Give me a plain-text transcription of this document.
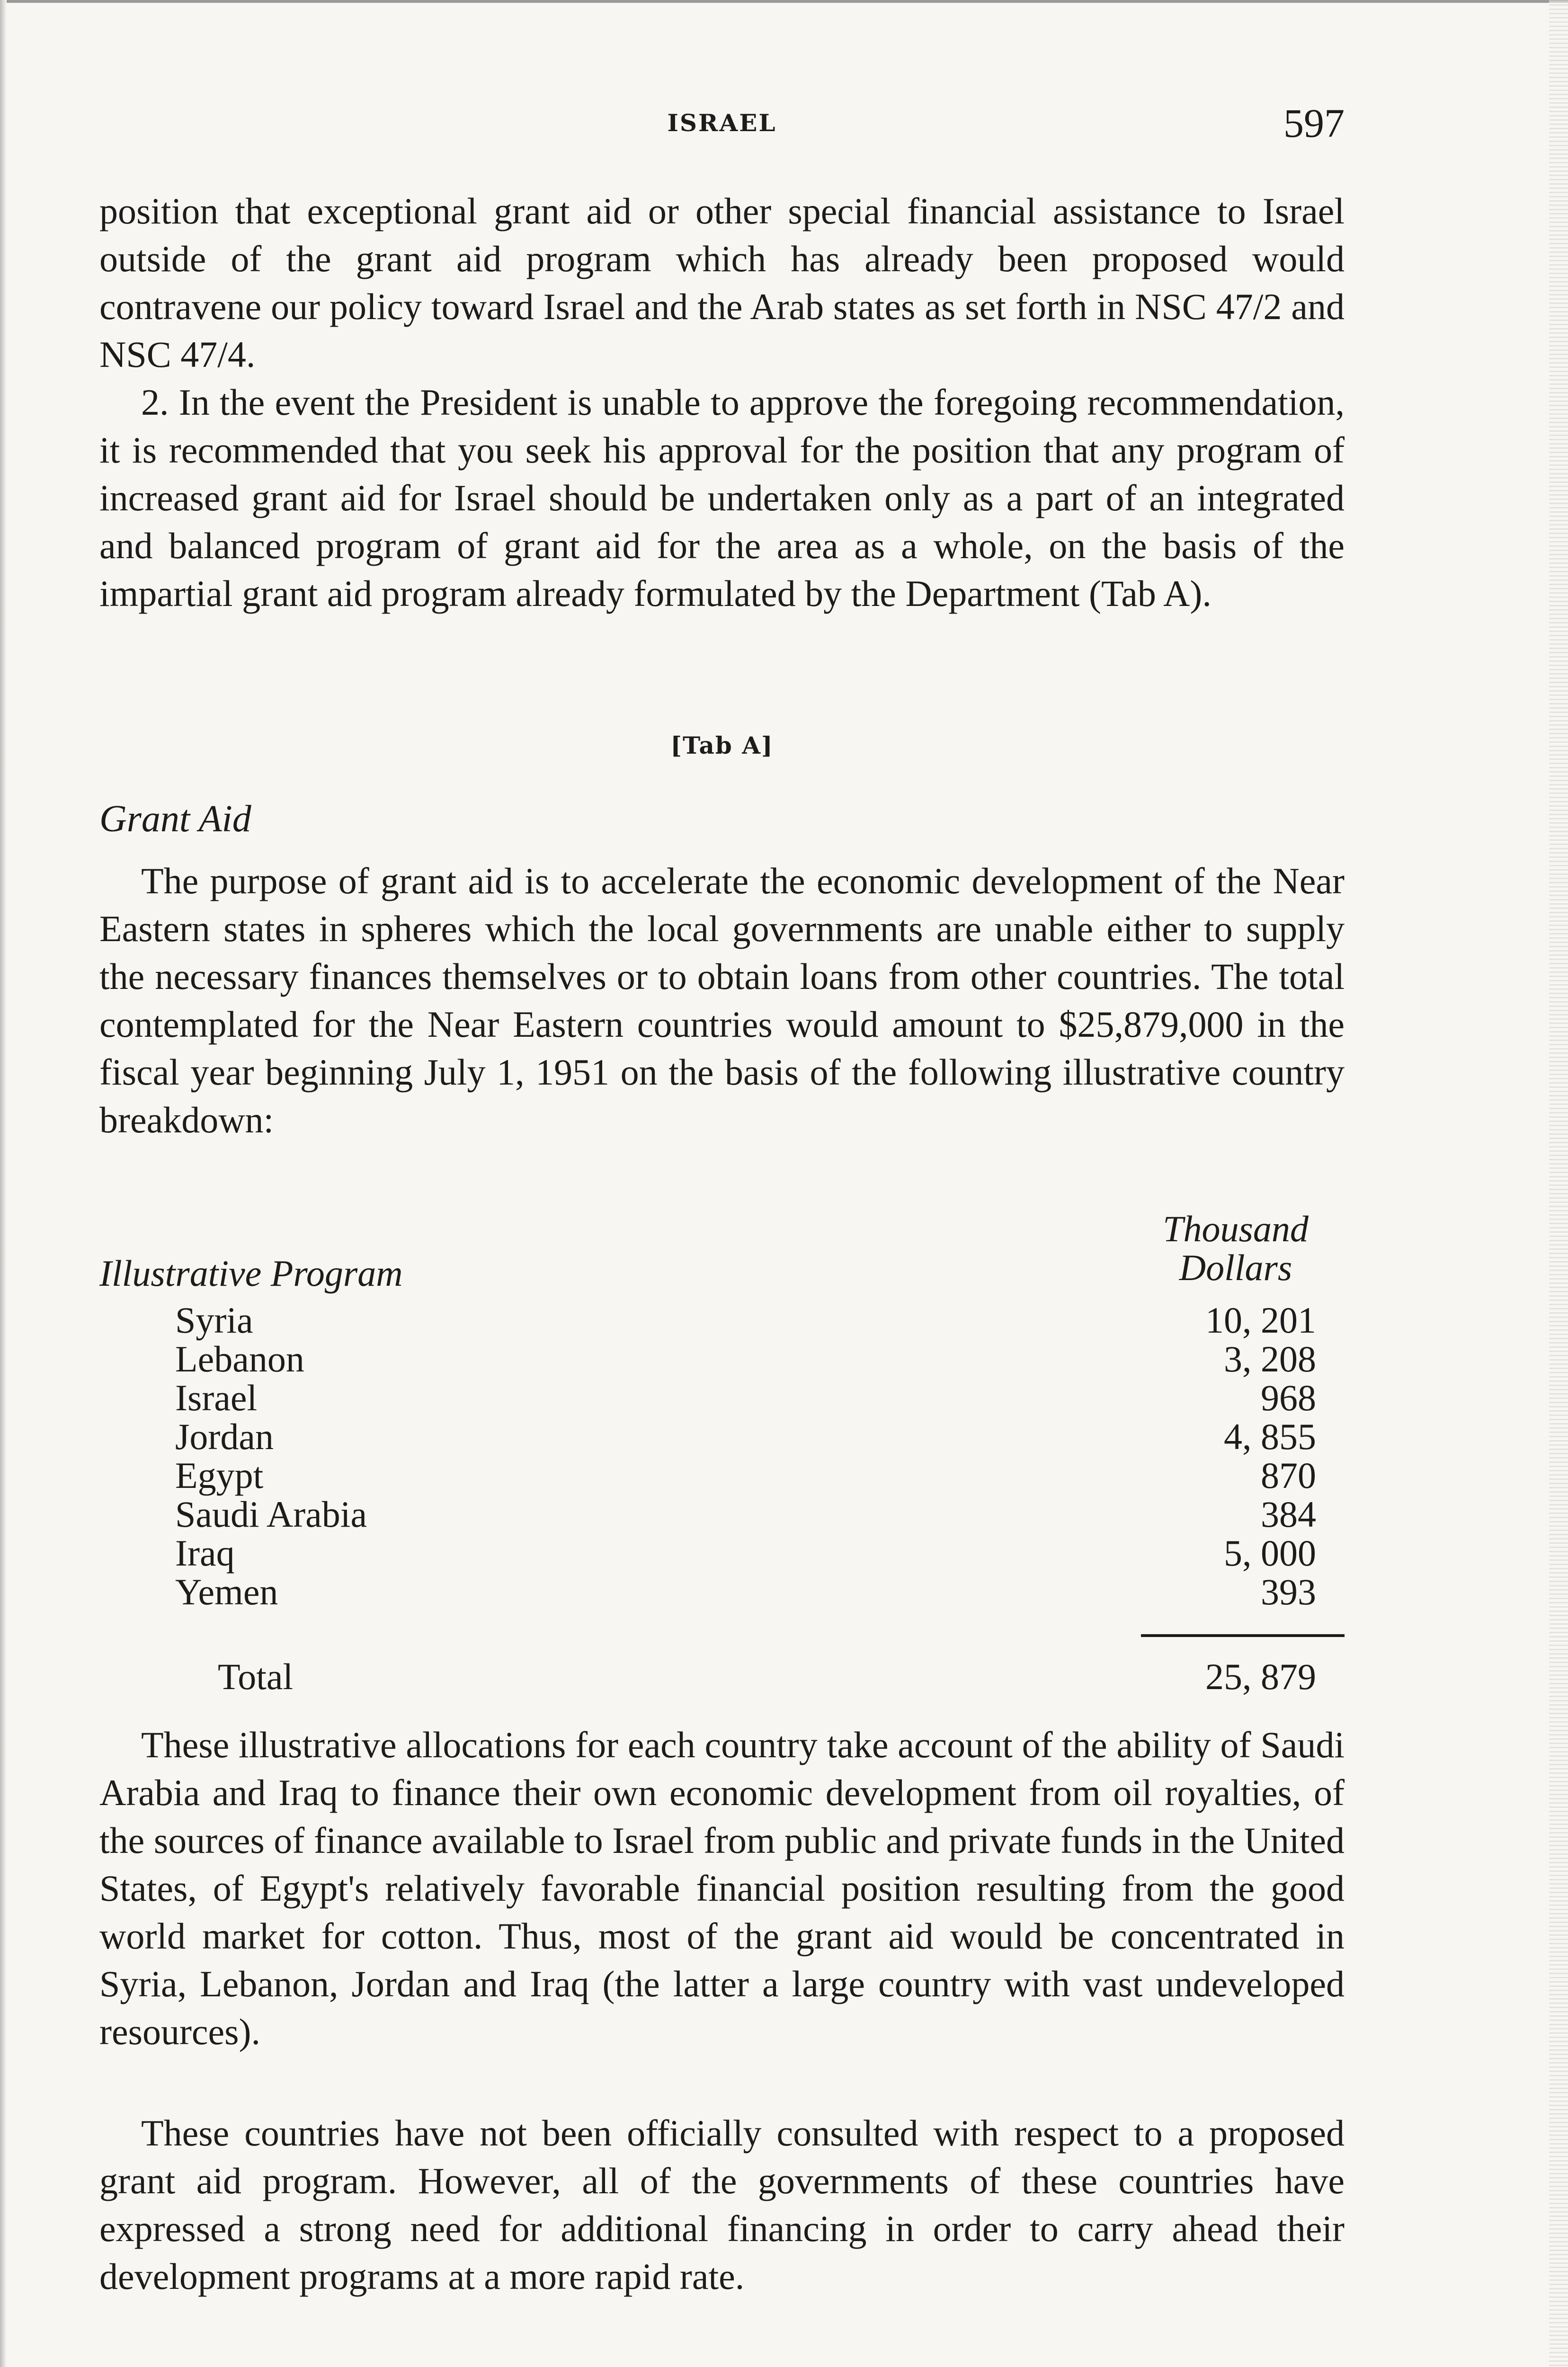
ISRAEL	597

position that exceptional grant aid or other special financial assistance to Israel outside of the grant aid program which has already been proposed would contravene our policy toward Israel and the Arab states as set forth in NSC 47/2 and NSC 47/4.

2. In the event the President is unable to approve the foregoing recommendation, it is recommended that you seek his approval for the position that any program of increased grant aid for Israel should be undertaken only as a part of an integrated and balanced program of grant aid for the area as a whole, on the basis of the impartial grant aid program already formulated by the Department (Tab A).

[Tab A]
Grant Aid

The purpose of grant aid is to accelerate the economic development of the Near Eastern states in spheres which the local governments are unable either to supply the necessary finances themselves or to obtain loans from other countries. The total contemplated for the Near Eastern countries would amount to $25,879,000 in the fiscal year beginning July 1, 1951 on the basis of the following illustrative country breakdown:

Thousand
Dollars
Illustrative Program
Syria	10, 201
Lebanon	3, 208
Israel	968
Jordan	4, 855
Egypt	870
Saudi Arabia	384
Iraq	5, 000
Yemen	393
Total	25, 879

These illustrative allocations for each country take account of the ability of Saudi Arabia and Iraq to finance their own economic development from oil royalties, of the sources of finance available to Israel from public and private funds in the United States, of Egypt's relatively favorable financial position resulting from the good world market for cotton. Thus, most of the grant aid would be concentrated in Syria, Lebanon, Jordan and Iraq (the latter a large country with vast undeveloped resources).

These countries have not been officially consulted with respect to a proposed grant aid program. However, all of the governments of these countries have expressed a strong need for additional financing in order to carry ahead their development programs at a more rapid rate.
